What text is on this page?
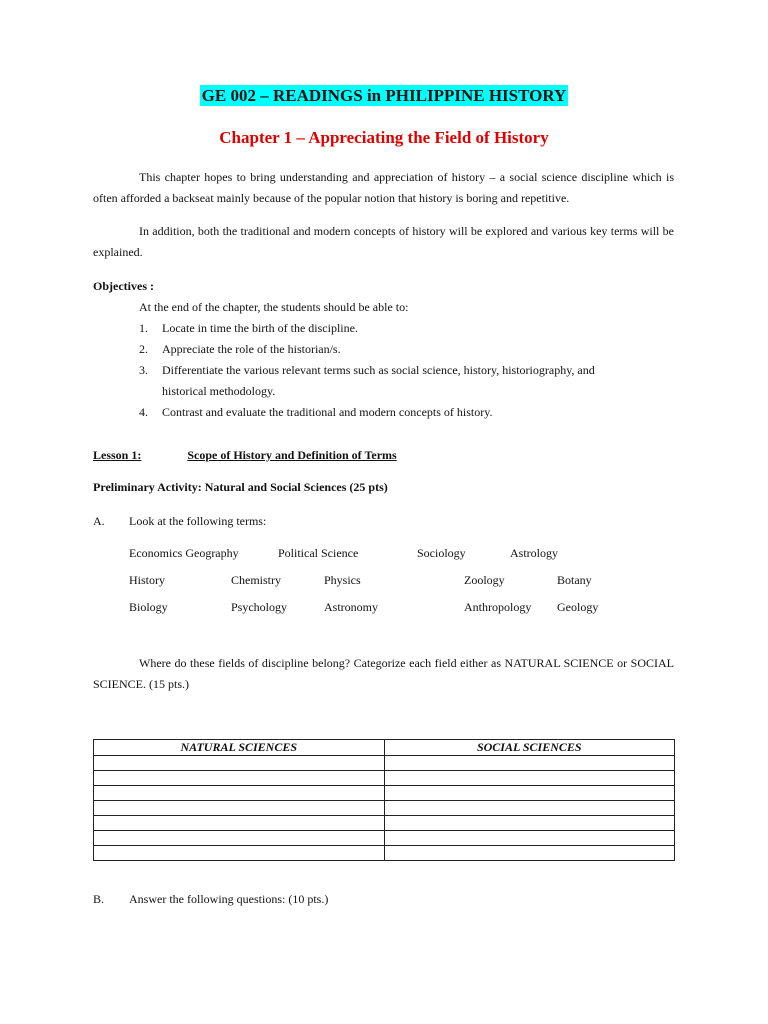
GE 002 – READINGS in PHILIPPINE HISTORY
Chapter 1 – Appreciating the Field of History
This chapter hopes to bring understanding and appreciation of history – a social science discipline which is often afforded a backseat mainly because of the popular notion that history is boring and repetitive.
In addition, both the traditional and modern concepts of history will be explored and various key terms will be explained.
Objectives :
At the end of the chapter, the students should be able to:
1. Locate in time the birth of the discipline.
2. Appreciate the role of the historian/s.
3. Differentiate the various relevant terms such as social science, history, historiography, and
historical methodology.
4. Contrast and evaluate the traditional and modern concepts of history.
Lesson 1:	Scope of History and Definition of Terms
Preliminary Activity: Natural and Social Sciences (25 pts)
A. Look at the following terms:
Economics Geography	Political Science	Sociology	Astrology
History	Chemistry	Physics	Zoology	Botany
Biology	Psychology	Astronomy	Anthropology Geology
Where do these fields of discipline belong? Categorize each field either as NATURAL SCIENCE or SOCIAL SCIENCE. (15 pts.)
NATURAL SCIENCES	SOCIAL SCIENCES

B. Answer the following questions: (10 pts.)
